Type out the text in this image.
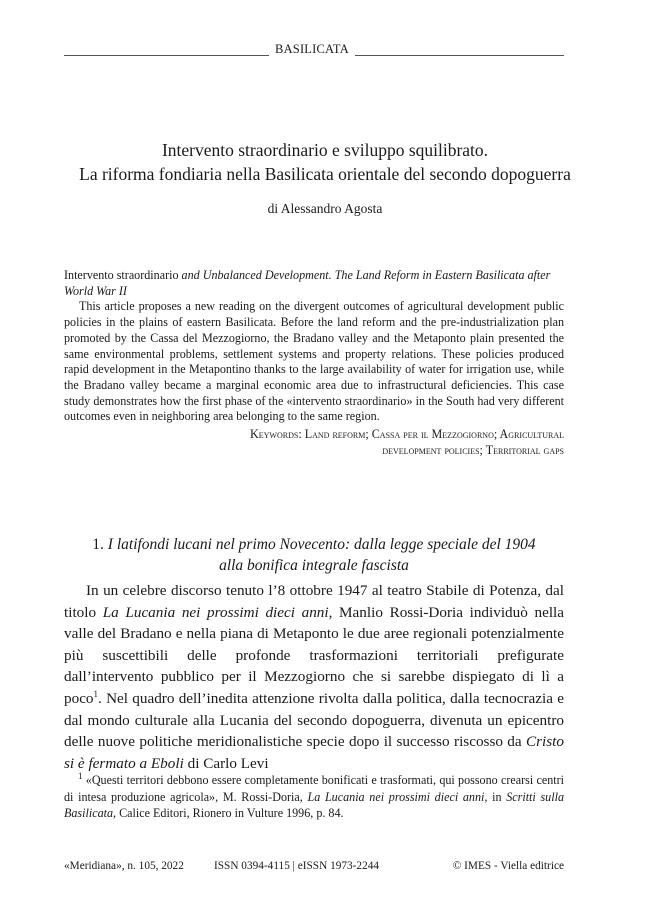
BASILICATA
Intervento straordinario e sviluppo squilibrato.
La riforma fondiaria nella Basilicata orientale del secondo dopoguerra
di Alessandro Agosta

Intervento straordinario and Unbalanced Development. The Land Reform in Eastern Basilicata after World War II

This article proposes a new reading on the divergent outcomes of agricultural development public policies in the plains of eastern Basilicata. Before the land reform and the pre-industrialization plan promoted by the Cassa del Mezzogiorno, the Bradano valley and the Metaponto plain presented the same environmental problems, settlement systems and property relations. These policies produced rapid development in the Metapontino thanks to the large availability of water for irrigation use, while the Bradano valley became a marginal economic area due to infrastructural deficiencies. This case study demonstrates how the first phase of the «intervento straordinario» in the South had very different outcomes even in neighboring area belonging to the same region.

Keywords: Land reform; Cassa per il Mezzogiorno; Agricultural
development policies; Territorial gaps
1. I latifondi lucani nel primo Novecento: dalla legge speciale del 1904
alla bonifica integrale fascista

In un celebre discorso tenuto l’8 ottobre 1947 al teatro Stabile di Potenza, dal titolo La Lucania nei prossimi dieci anni, Manlio Rossi-Doria individuò nella valle del Bradano e nella piana di Metaponto le due aree regionali potenzialmente più suscettibili delle profonde trasformazioni territoriali prefigurate dall’intervento pubblico per il Mezzogiorno che si sarebbe dispiegato di lì a poco$^1$. Nel quadro dell’inedita attenzione rivolta dalla politica, dalla tecnocrazia e dal mondo culturale alla Lucania del secondo dopoguerra, divenuta un epicentro delle nuove politiche meridionalistiche specie dopo il successo riscosso da Cristo si è fermato a Eboli di Carlo Levi

$^1$ «Questi territori debbono essere completamente bonificati e trasformati, qui possono crearsi centri di intesa produzione agricola», M. Rossi-Doria, La Lucania nei prossimi dieci anni, in Scritti sulla Basilicata, Calice Editori, Rionero in Vulture 1996, p. 84.

«Meridiana», n. 105, 2022	ISSN 0394-4115 | eISSN 1973-2244	© IMES - Viella editrice
